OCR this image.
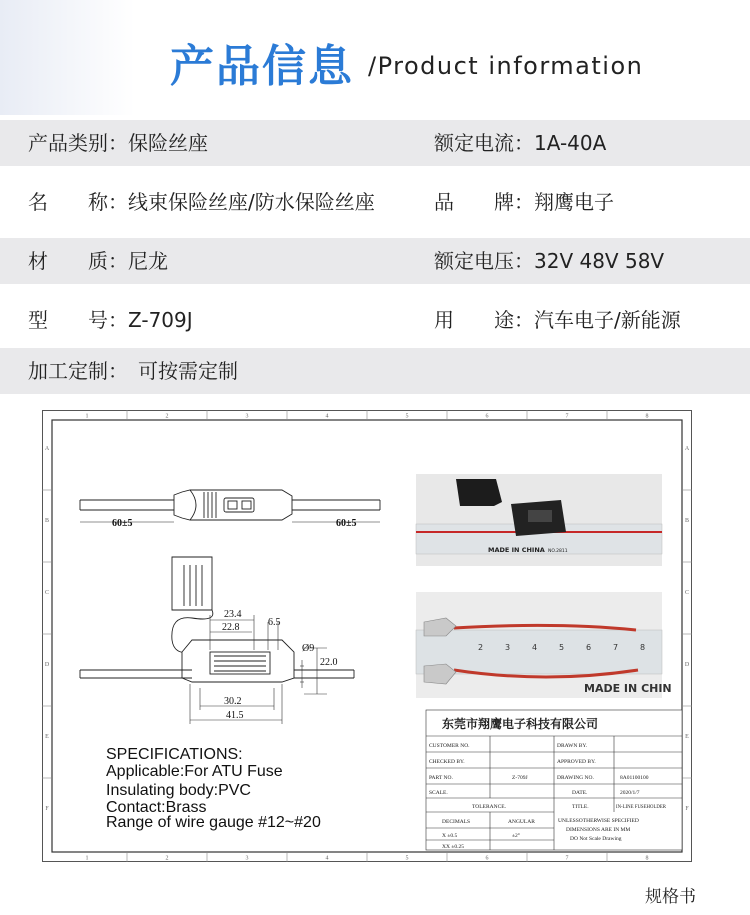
产品信息 /Product information
产品类别：保险丝座	额定电流：1A-40A
名　　称：线束保险丝座/防水保险丝座	品　　牌：翔鹰电子
材　　质：尼龙	额定电压：32V 48V 58V
型　　号：Z-709J	用　　途：汽车电子/新能源
加工定制：　可按需定制
1	2	3	4	5	6	7	8
1	2	3	4	5	6	7	8
A
B
C
D
E
F
A
B
C
D
E
F
60±5	60±5
23.4
22.8	6.5
Ø9
22.0
30.2
41.5
MADE IN CHINA NO.2811
2	3	4	5	6	7	8
MADE IN CHIN
东莞市翔鹰电子科技有限公司
CUSTOMER NO.	DRAWN BY.
CHECKED BY.	APPROVED BY.
PART NO.	Z-709J	DRAWING NO.	8A01100100
SCALE.	DATE.	2020/1/7
TOLERANCE.	TITLE.	IN-LINE FUSEHOLDER
DECIMALS	ANGULAR
X ±0.5	±2°
XX ±0.25
UNLESSOTHERWISE SPECIFIED
DIMENSIONS ARE IN MM
DO Not Scale Drawing
SPECIFICATIONS:
Applicable:For ATU Fuse
Insulating body:PVC
Contact:Brass
Range of wire gauge #12~#20
规格书
